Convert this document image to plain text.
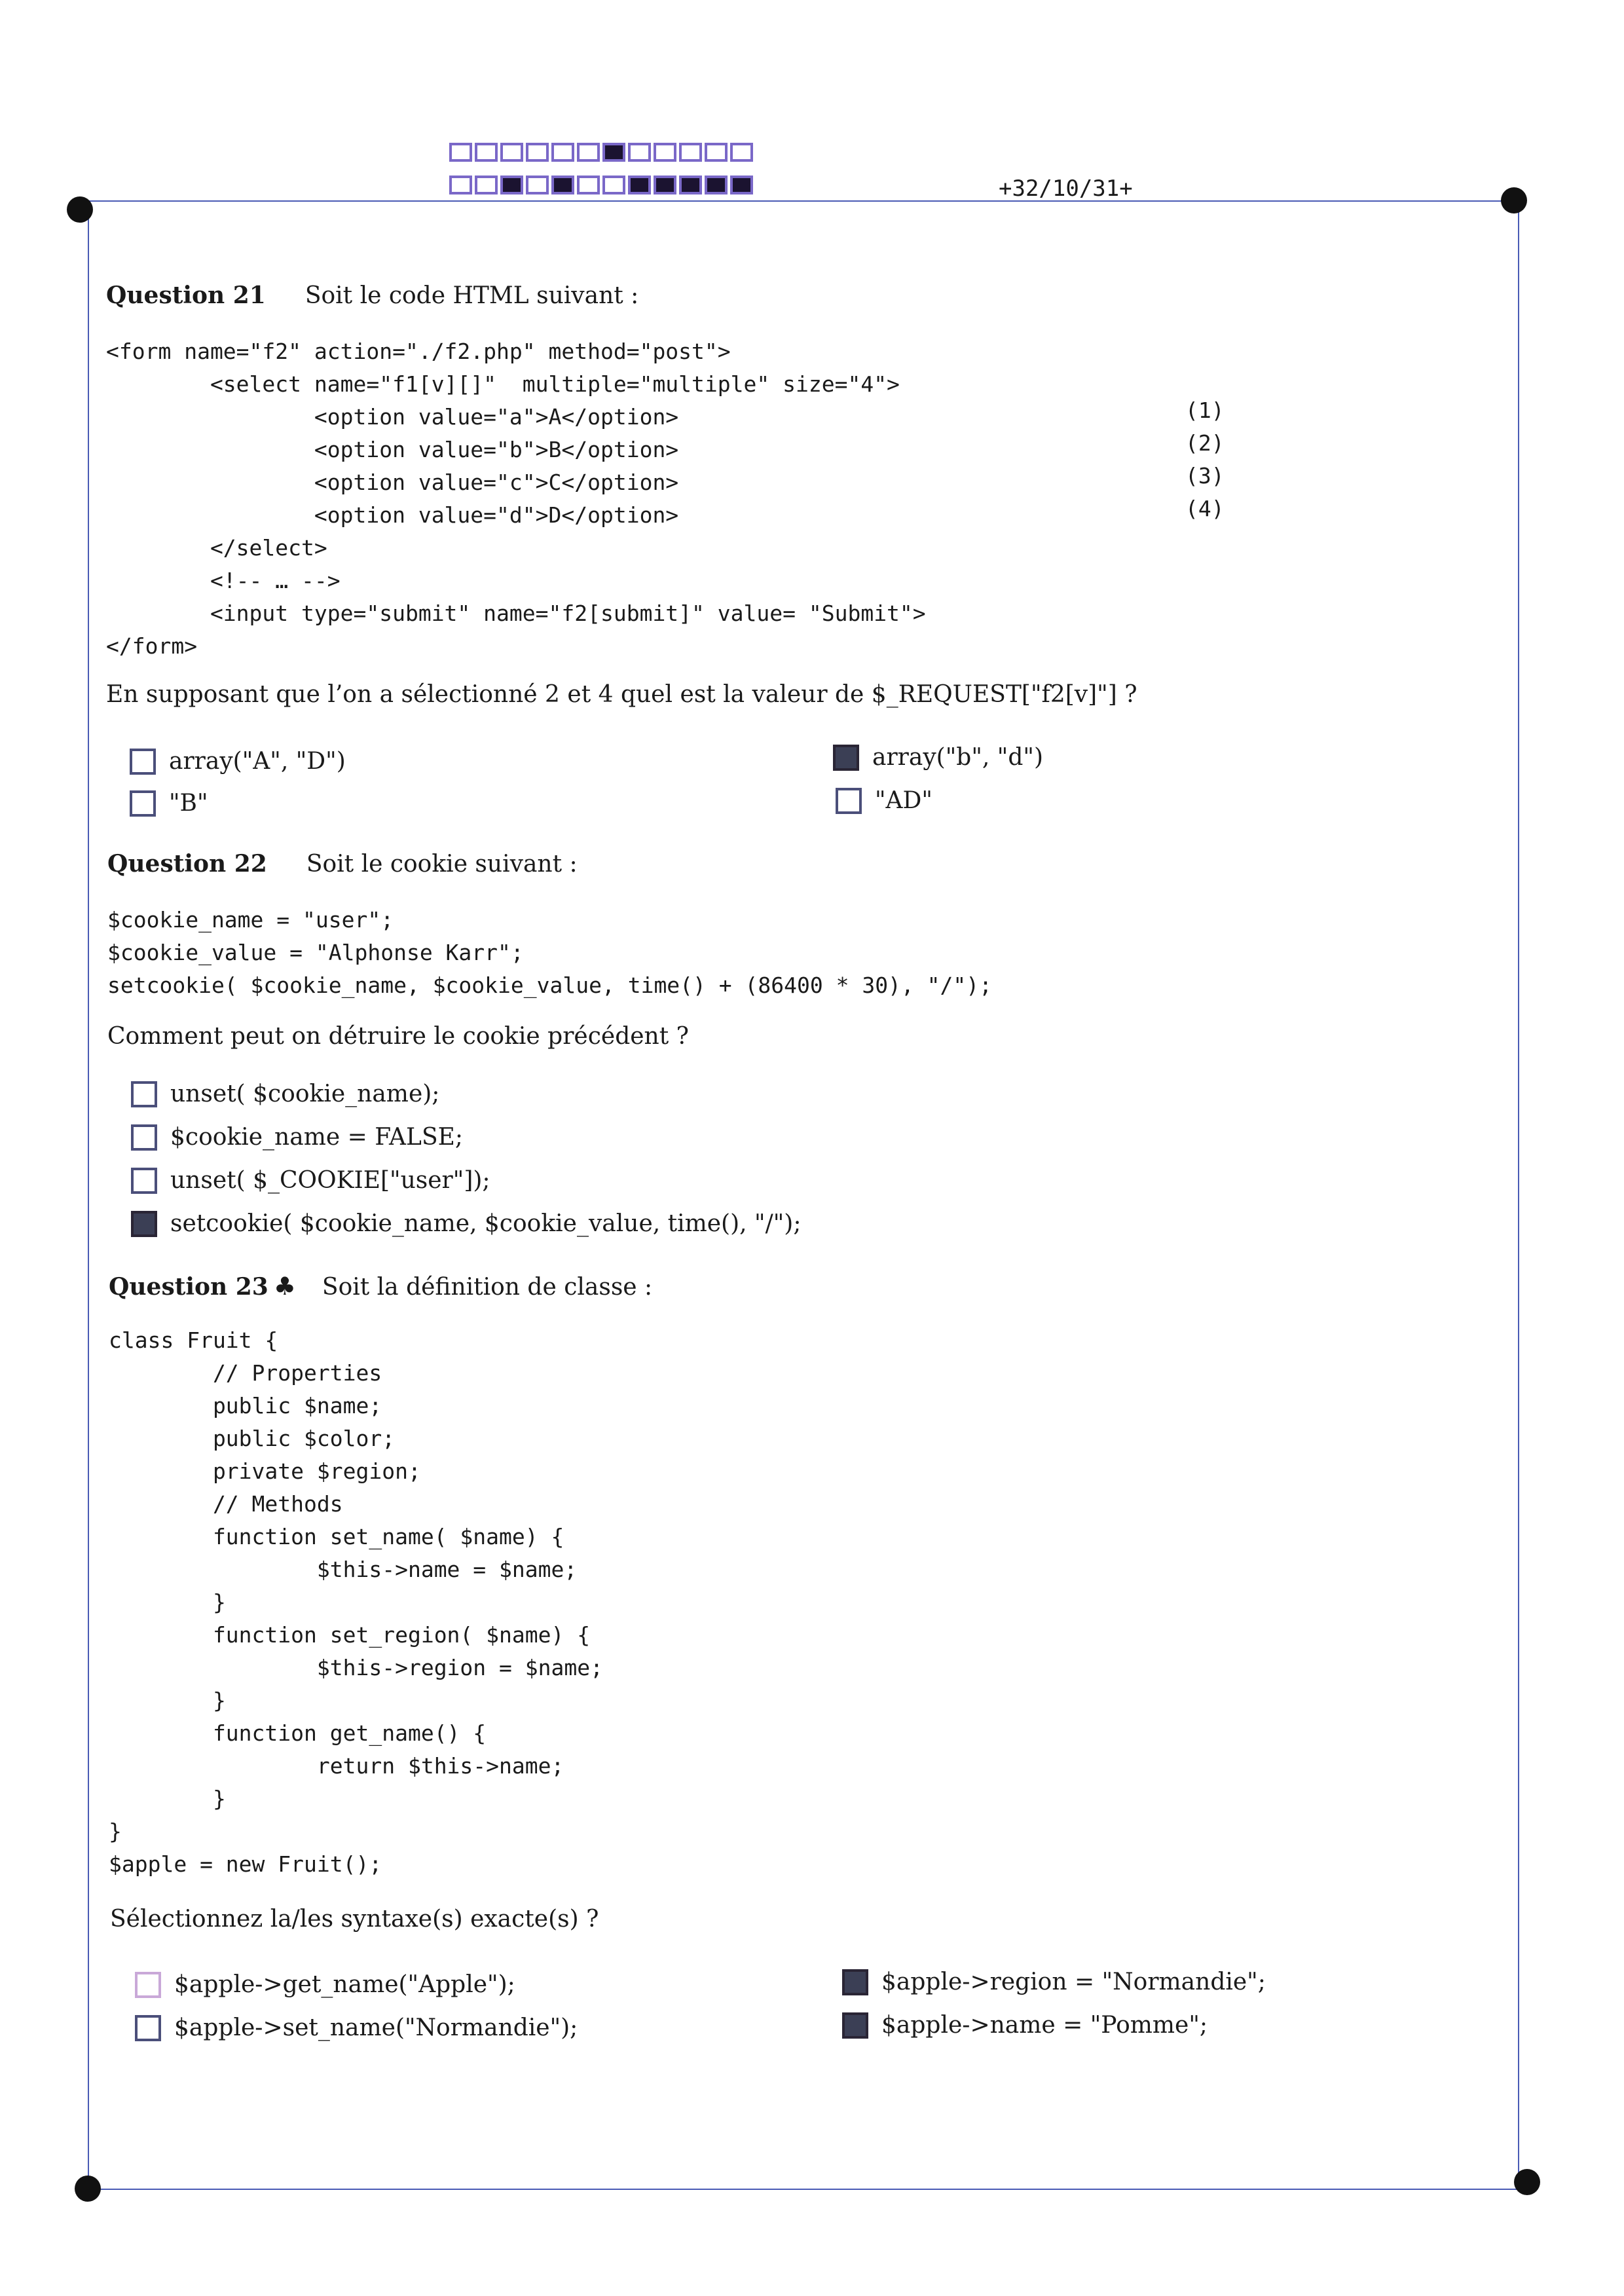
+32/10/31+
Question 21 Soit le code HTML suivant :
<form name="f2" action="./f2.php" method="post">
<select name="f1[v][]"  multiple="multiple" size="4">
<option value="a">A</option>
<option value="b">B</option>
<option value="c">C</option>
<option value="d">D</option>
</select>
<!-- … -->
<input type="submit" name="f2[submit]" value= "Submit">
</form>
(1)
(2)
(3)
(4)
En supposant que l’on a sélectionné 2 et 4 quel est la valeur de $_REQUEST["f2[v]"] ?
array("A", "D")	array("b", "d")
"B"	"AD"
Question 22 Soit le cookie suivant :
$cookie_name = "user";
$cookie_value = "Alphonse Karr";
setcookie( $cookie_name, $cookie_value, time() + (86400 * 30), "/");
Comment peut on détruire le cookie précédent ?
unset( $cookie_name);
$cookie_name = FALSE;
unset( $_COOKIE["user"]);
setcookie( $cookie_name, $cookie_value, time(), "/");
Question 23 ♣ Soit la définition de classe :
class Fruit {
// Properties
public $name;
public $color;
private $region;
// Methods
function set_name( $name) {
$this->name = $name;
}
function set_region( $name) {
$this->region = $name;
}
function get_name() {
return $this->name;
}
}
$apple = new Fruit();
Sélectionnez la/les syntaxe(s) exacte(s) ?
$apple->get_name("Apple");	$apple->region = "Normandie";
$apple->set_name("Normandie");	$apple->name = "Pomme";
